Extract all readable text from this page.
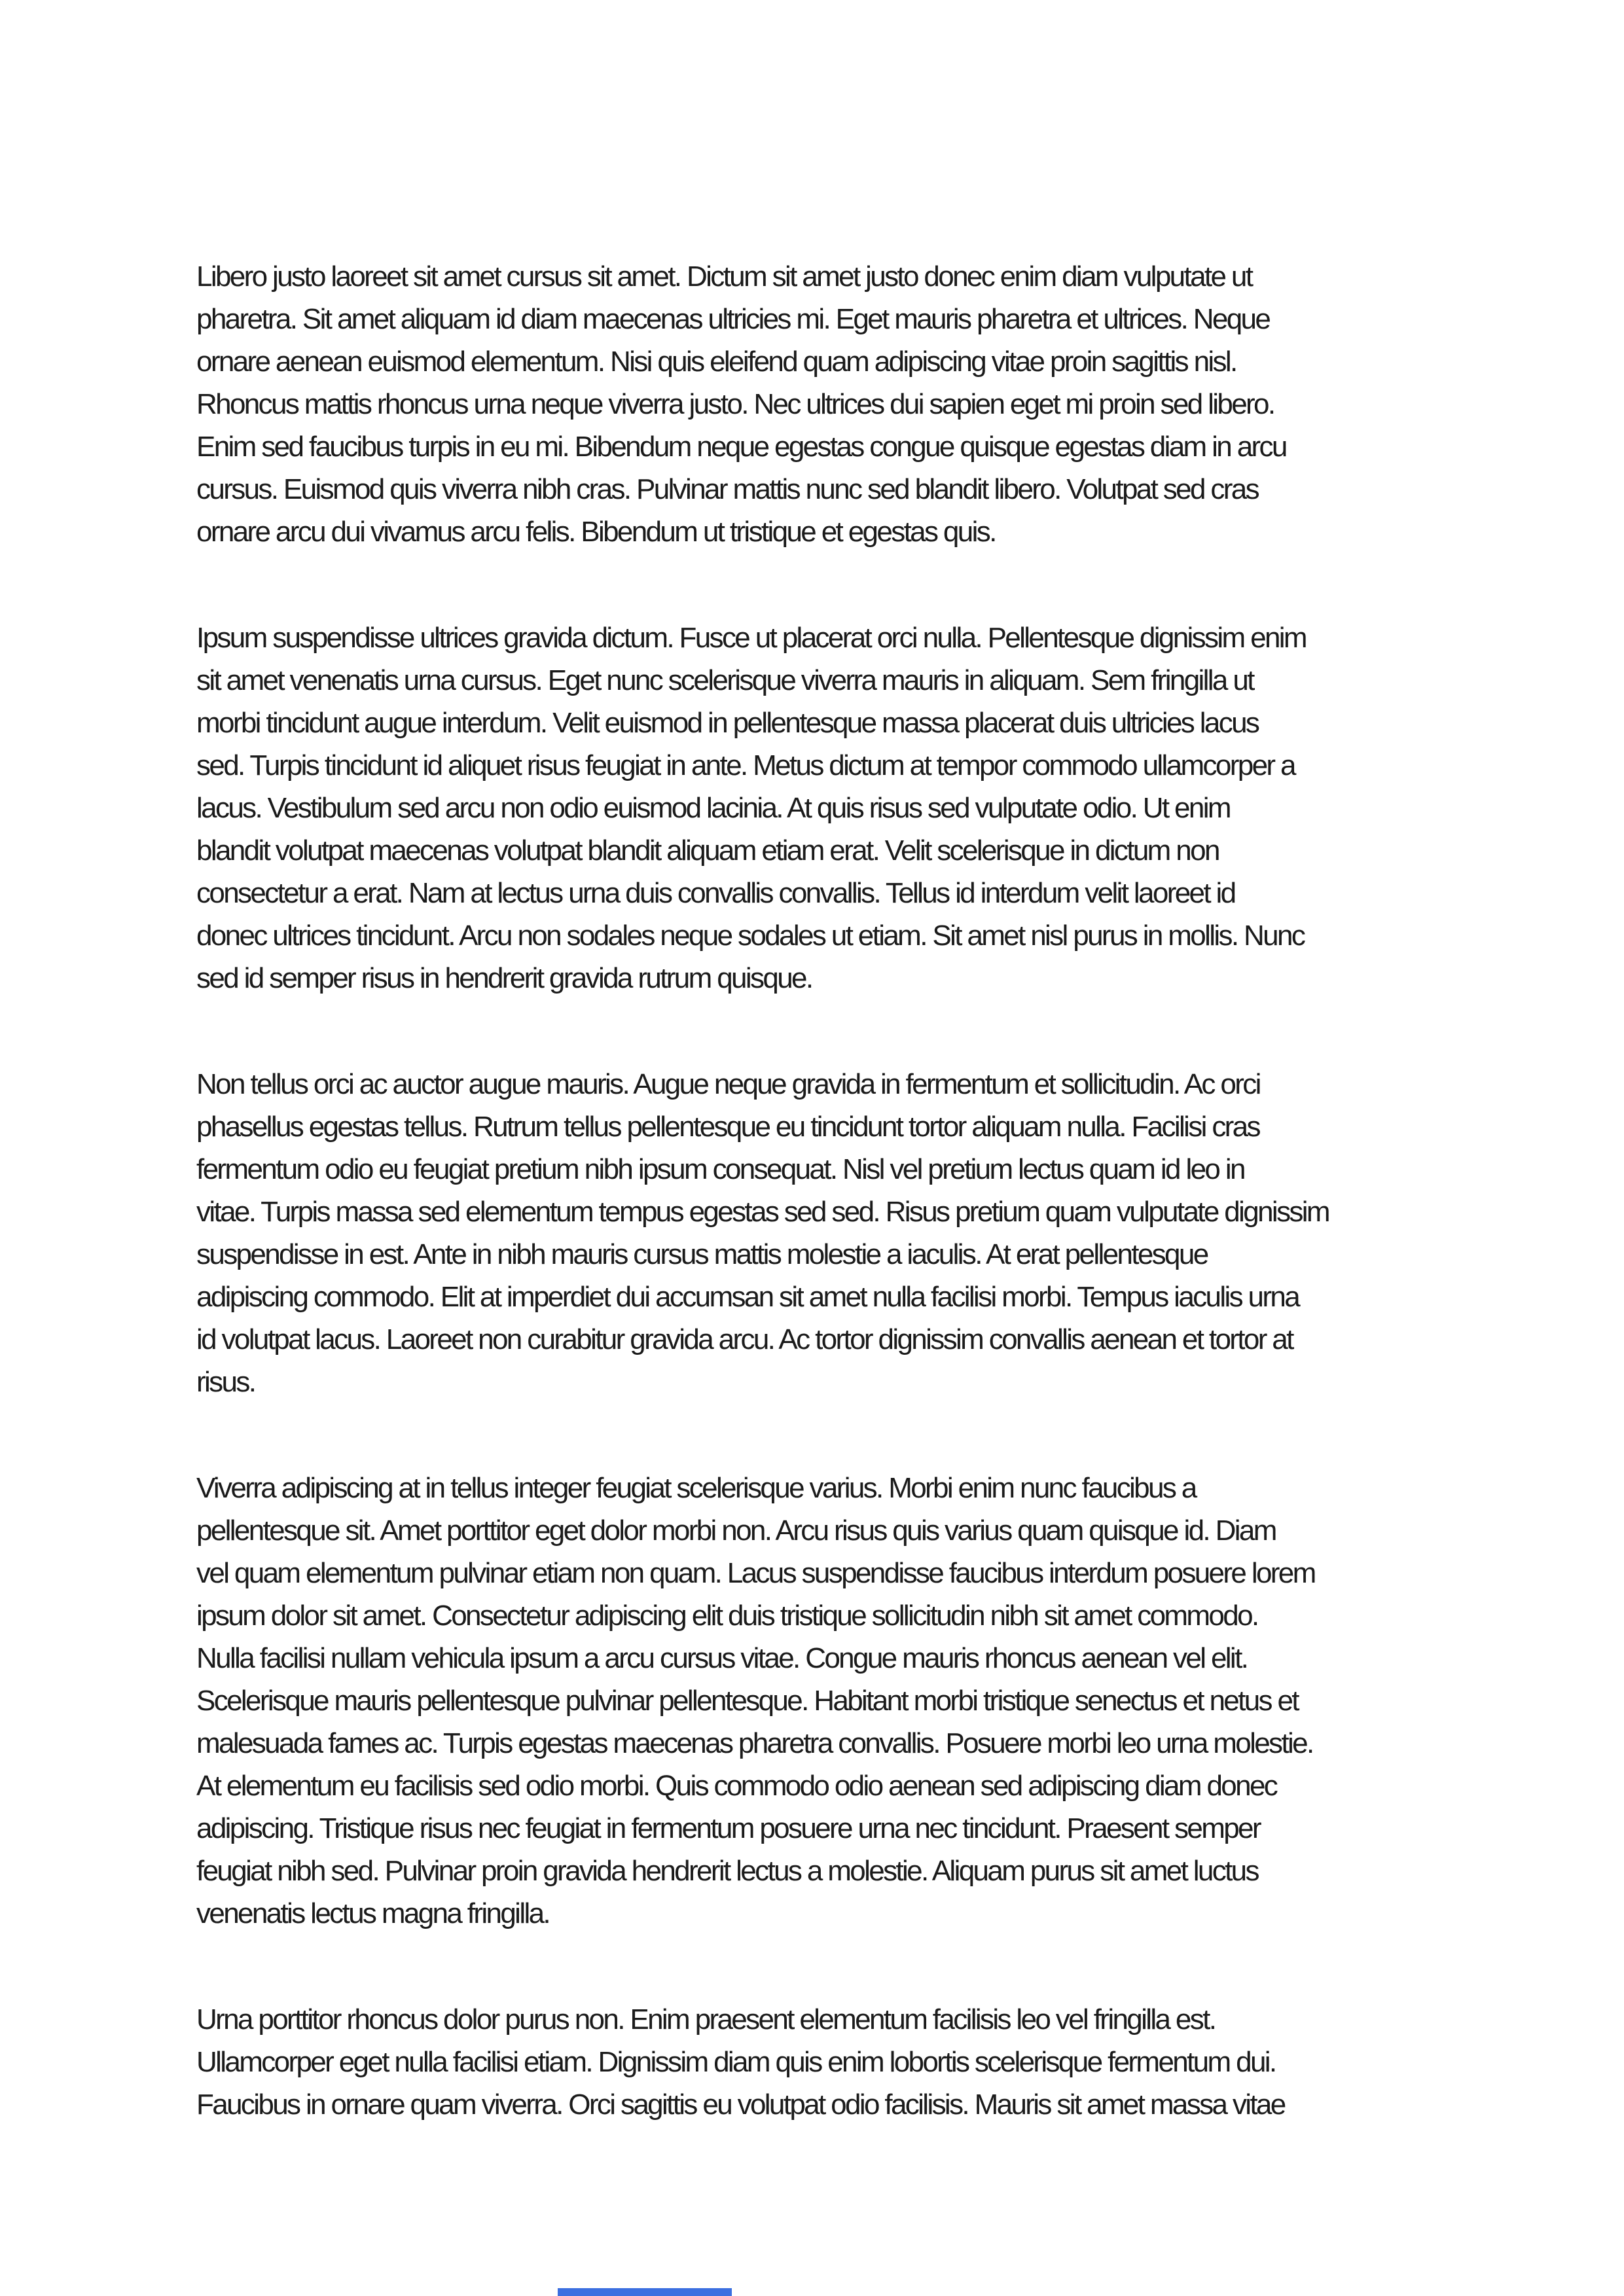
Libero justo laoreet sit amet cursus sit amet. Dictum sit amet justo donec enim diam vulputate ut
pharetra. Sit amet aliquam id diam maecenas ultricies mi. Eget mauris pharetra et ultrices. Neque
ornare aenean euismod elementum. Nisi quis eleifend quam adipiscing vitae proin sagittis nisl.
Rhoncus mattis rhoncus urna neque viverra justo. Nec ultrices dui sapien eget mi proin sed libero.
Enim sed faucibus turpis in eu mi. Bibendum neque egestas congue quisque egestas diam in arcu
cursus. Euismod quis viverra nibh cras. Pulvinar mattis nunc sed blandit libero. Volutpat sed cras
ornare arcu dui vivamus arcu felis. Bibendum ut tristique et egestas quis.

Ipsum suspendisse ultrices gravida dictum. Fusce ut placerat orci nulla. Pellentesque dignissim enim
sit amet venenatis urna cursus. Eget nunc scelerisque viverra mauris in aliquam. Sem fringilla ut
morbi tincidunt augue interdum. Velit euismod in pellentesque massa placerat duis ultricies lacus
sed. Turpis tincidunt id aliquet risus feugiat in ante. Metus dictum at tempor commodo ullamcorper a
lacus. Vestibulum sed arcu non odio euismod lacinia. At quis risus sed vulputate odio. Ut enim
blandit volutpat maecenas volutpat blandit aliquam etiam erat. Velit scelerisque in dictum non
consectetur a erat. Nam at lectus urna duis convallis convallis. Tellus id interdum velit laoreet id
donec ultrices tincidunt. Arcu non sodales neque sodales ut etiam. Sit amet nisl purus in mollis. Nunc
sed id semper risus in hendrerit gravida rutrum quisque.

Non tellus orci ac auctor augue mauris. Augue neque gravida in fermentum et sollicitudin. Ac orci
phasellus egestas tellus. Rutrum tellus pellentesque eu tincidunt tortor aliquam nulla. Facilisi cras
fermentum odio eu feugiat pretium nibh ipsum consequat. Nisl vel pretium lectus quam id leo in
vitae. Turpis massa sed elementum tempus egestas sed sed. Risus pretium quam vulputate dignissim
suspendisse in est. Ante in nibh mauris cursus mattis molestie a iaculis. At erat pellentesque
adipiscing commodo. Elit at imperdiet dui accumsan sit amet nulla facilisi morbi. Tempus iaculis urna
id volutpat lacus. Laoreet non curabitur gravida arcu. Ac tortor dignissim convallis aenean et tortor at
risus.

Viverra adipiscing at in tellus integer feugiat scelerisque varius. Morbi enim nunc faucibus a
pellentesque sit. Amet porttitor eget dolor morbi non. Arcu risus quis varius quam quisque id. Diam
vel quam elementum pulvinar etiam non quam. Lacus suspendisse faucibus interdum posuere lorem
ipsum dolor sit amet. Consectetur adipiscing elit duis tristique sollicitudin nibh sit amet commodo.
Nulla facilisi nullam vehicula ipsum a arcu cursus vitae. Congue mauris rhoncus aenean vel elit.
Scelerisque mauris pellentesque pulvinar pellentesque. Habitant morbi tristique senectus et netus et
malesuada fames ac. Turpis egestas maecenas pharetra convallis. Posuere morbi leo urna molestie.
At elementum eu facilisis sed odio morbi. Quis commodo odio aenean sed adipiscing diam donec
adipiscing. Tristique risus nec feugiat in fermentum posuere urna nec tincidunt. Praesent semper
feugiat nibh sed. Pulvinar proin gravida hendrerit lectus a molestie. Aliquam purus sit amet luctus
venenatis lectus magna fringilla.

Urna porttitor rhoncus dolor purus non. Enim praesent elementum facilisis leo vel fringilla est.
Ullamcorper eget nulla facilisi etiam. Dignissim diam quis enim lobortis scelerisque fermentum dui.
Faucibus in ornare quam viverra. Orci sagittis eu volutpat odio facilisis. Mauris sit amet massa vitae
